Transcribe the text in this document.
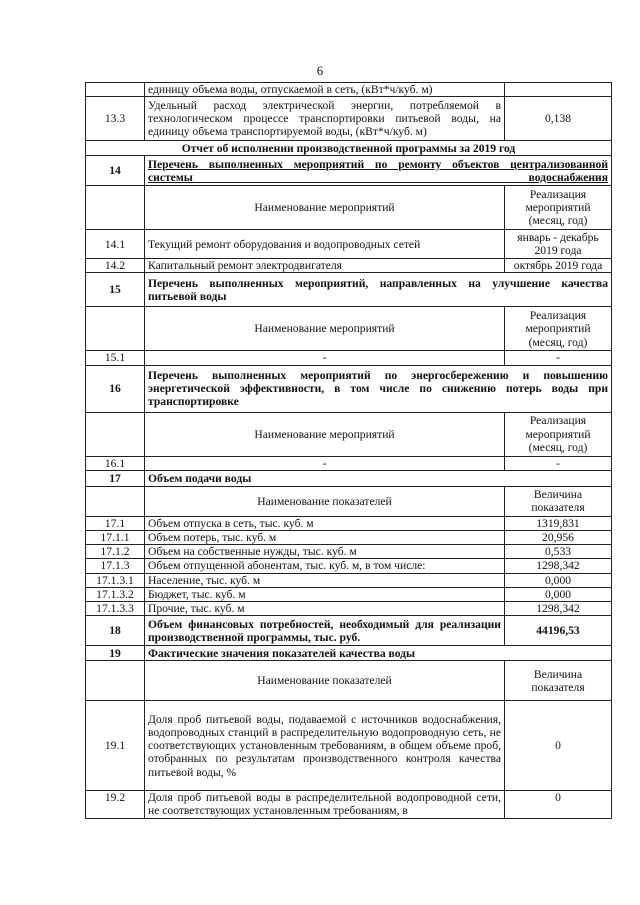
6
	единицу объема воды, отпускаемой в сеть, (кВт*ч/куб. м)	
13.3	Удельный расход электрической энергии, потребляемой в технологическом процессе транспортировки питьевой воды, на единицу объема транспортируемой воды, (кВт*ч/куб. м)	0,138
Отчет об исполнении производственной программы за 2019 год		
14	Перечень выполненных мероприятий по ремонту объектов централизованной системы водоснабжения	
	Наименование мероприятий	Реализация мероприятий (месяц, год)
14.1	Текущий ремонт оборудования и водопроводных сетей	январь - декабрь 2019 года
14.2	Капитальный ремонт электродвигателя	октябрь 2019 года
15	Перечень выполненных мероприятий, направленных на улучшение качества питьевой воды	
	Наименование мероприятий	Реализация мероприятий (месяц, год)
15.1	-	-
16	Перечень выполненных мероприятий по энергосбережению и повышению энергетической эффективности, в том числе по снижению потерь воды при транспортировке	
	Наименование мероприятий	Реализация мероприятий (месяц, год)
16.1	-	-
17	Объем подачи воды	
	Наименование показателей	Величина показателя
17.1	Объем отпуска в сеть, тыс. куб. м	1319,831
17.1.1	Объем потерь, тыс. куб. м	20,956
17.1.2	Объем на собственные нужды, тыс. куб. м	0,533
17.1.3	Объем отпущенной абонентам, тыс. куб. м, в том числе:	1298,342
17.1.3.1	Население, тыс. куб. м	0,000
17.1.3.2	Бюджет, тыс. куб. м	0,000
17.1.3.3	Прочие, тыс. куб. м	1298,342
18	Объем финансовых потребностей, необходимый для реализации производственной программы, тыс. руб.	44196,53
19	Фактические значения показателей качества воды	
	Наименование показателей	Величина показателя
19.1	Доля проб питьевой воды, подаваемой с источников водоснабжения, водопроводных станций в распределительную водопроводную сеть, не соответствующих установленным требованиям, в общем объеме проб, отобранных по результатам производственного контроля качества питьевой воды, %	0
19.2	Доля проб питьевой воды в распределительной водопроводной сети, не соответствующих установленным требованиям, в	0
